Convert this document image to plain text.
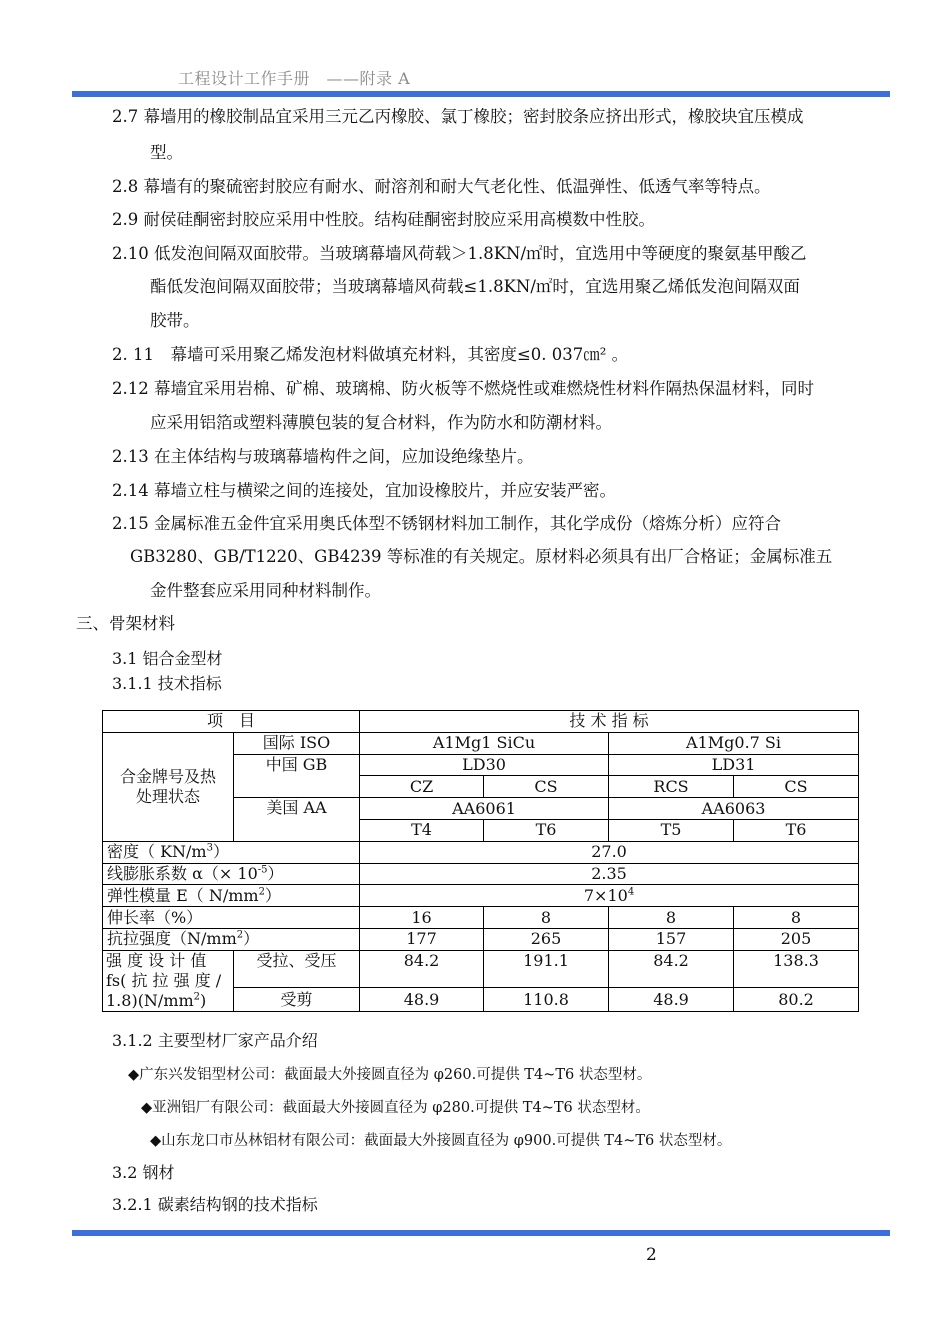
工程设计工作手册　——附录 A
2.7 幕墙用的橡胶制品宜采用三元乙丙橡胶、氯丁橡胶；密封胶条应挤出形式，橡胶块宜压模成
型。
2.8 幕墙有的聚硫密封胶应有耐水、耐溶剂和耐大气老化性、低温弹性、低透气率等特点。
2.9 耐侯硅酮密封胶应采用中性胶。结构硅酮密封胶应采用高模数中性胶。
2.10 低发泡间隔双面胶带。当玻璃幕墙风荷载＞1.8KN/㎡时，宜选用中等硬度的聚氨基甲酸乙
酯低发泡间隔双面胶带；当玻璃幕墙风荷载≤1.8KN/㎡时，宜选用聚乙烯低发泡间隔双面
胶带。
2. 11　幕墙可采用聚乙烯发泡材料做填充材料，其密度≤0. 037㎝² 。
2.12 幕墙宜采用岩棉、矿棉、玻璃棉、防火板等不燃烧性或难燃烧性材料作隔热保温材料，同时
应采用铝箔或塑料薄膜包装的复合材料，作为防水和防潮材料。
2.13 在主体结构与玻璃幕墙构件之间，应加设绝缘垫片。
2.14 幕墙立柱与横梁之间的连接处，宜加设橡胶片，并应安装严密。
2.15 金属标准五金件宜采用奥氏体型不锈钢材料加工制作，其化学成份（熔炼分析）应符合
GB3280、GB/T1220、GB4239 等标准的有关规定。原材料必须具有出厂合格证；金属标准五
金件整套应采用同种材料制作。
三、骨架材料
3.1 铝合金型材
3.1.1 技术指标
项　目		技 术 指 标			
合金牌号及热
处理状态	国际 ISO	A1Mg1 SiCu		A1Mg0.7 Si	
	中国 GB	LD30		LD31	
		CZ	CS	RCS	CS
	美国 AA	AA6061		AA6063	
		T4	T6	T5	T6
密度（ $KN/m^3$）		27.0			
线膨胀系数 $\alpha(\times 10^{-5})$		2.35			
弹性模量 E（ $N/mm^2$）		$7\times 10^4$
伸长率（%）		16	8	8	8
抗拉强度$(N/mm^2)$		177	265	157	205
强 度 设 计 值
fs( 抗 拉 强 度 /
$1.8)(N/mm^2)$	受拉、受压	84.2	191.1	84.2	138.3
	受剪	48.9	110.8	48.9	80.2
3.1.2 主要型材厂家产品介绍
◆广东兴发铝型材公司：截面最大外接圆直径为 φ260.可提供 T4~T6 状态型材。
◆亚洲铝厂有限公司：截面最大外接圆直径为 φ280.可提供 T4~T6 状态型材。
◆山东龙口市丛林铝材有限公司：截面最大外接圆直径为 φ900.可提供 T4~T6 状态型材。
3.2 钢材
3.2.1 碳素结构钢的技术指标
2
